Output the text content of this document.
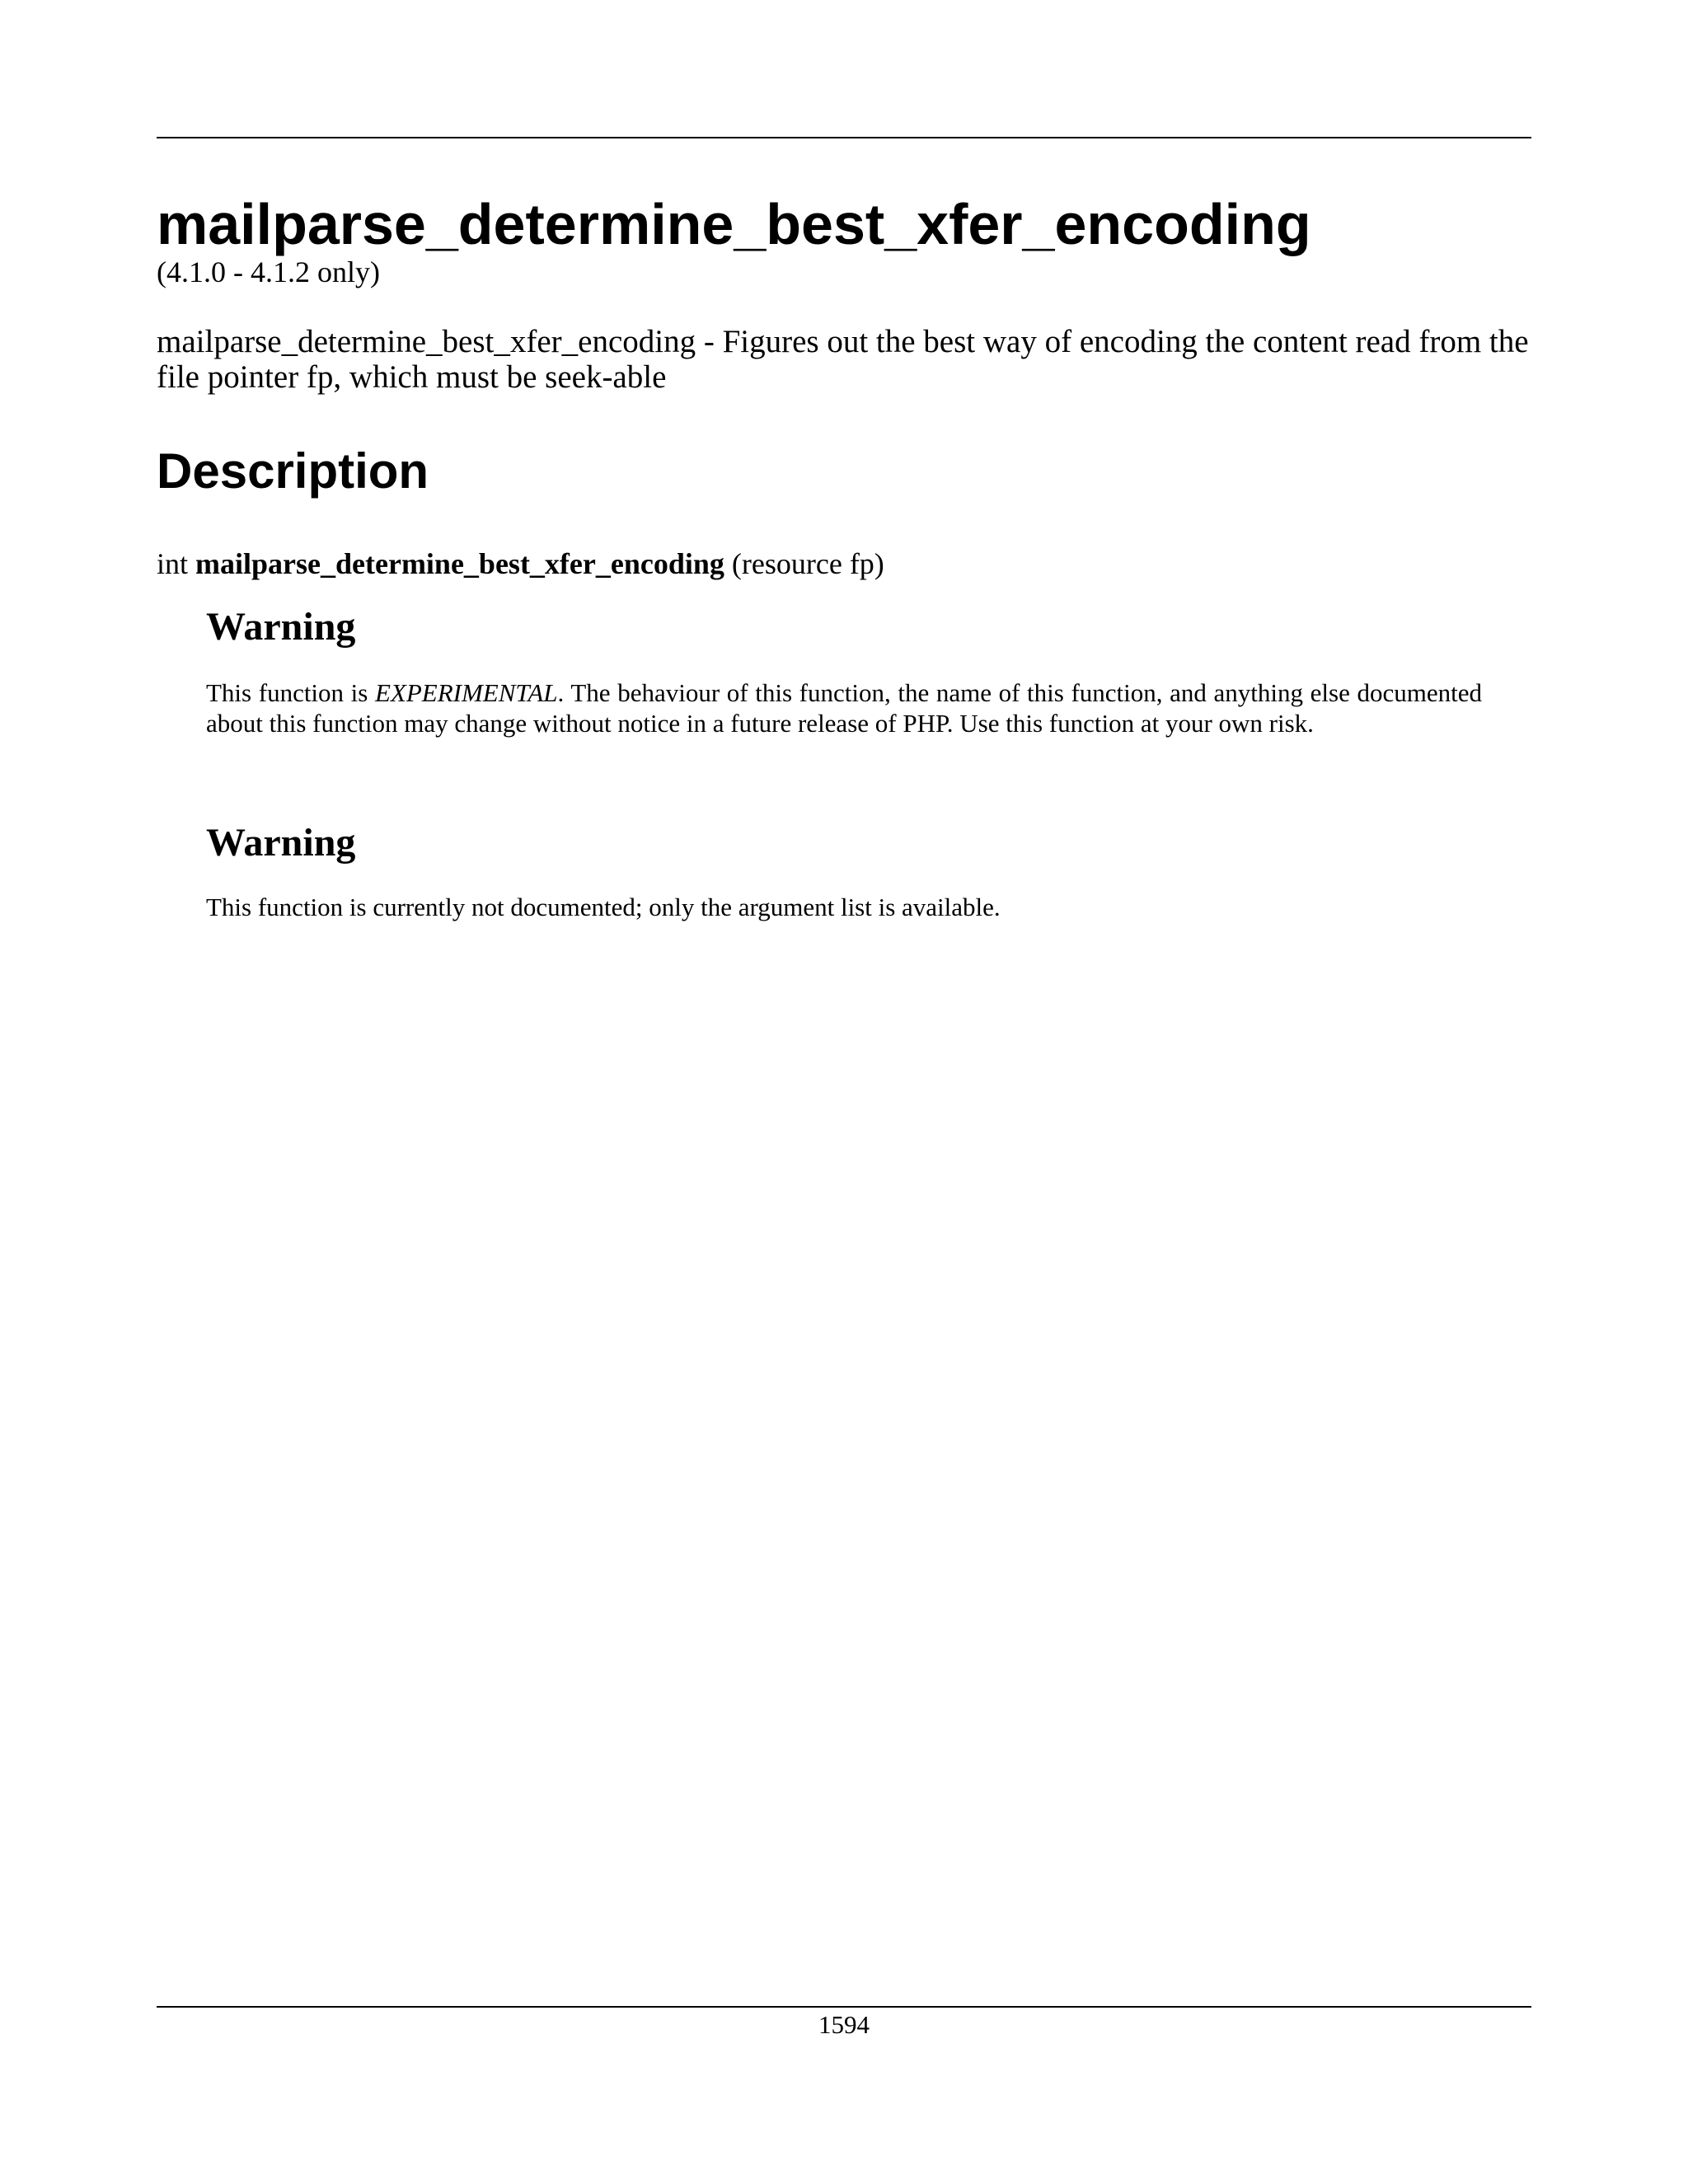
mailparse_determine_best_xfer_encoding
(4.1.0 - 4.1.2 only)
mailparse_determine_best_xfer_encoding - Figures out the best way of encoding the content read from the file pointer fp, which must be seek-able
Description
int mailparse_determine_best_xfer_encoding (resource fp)
Warning
This function is EXPERIMENTAL. The behaviour of this function, the name of this function, and anything else documented about this function may change without notice in a future release of PHP. Use this function at your own risk.
Warning
This function is currently not documented; only the argument list is available.
1594
